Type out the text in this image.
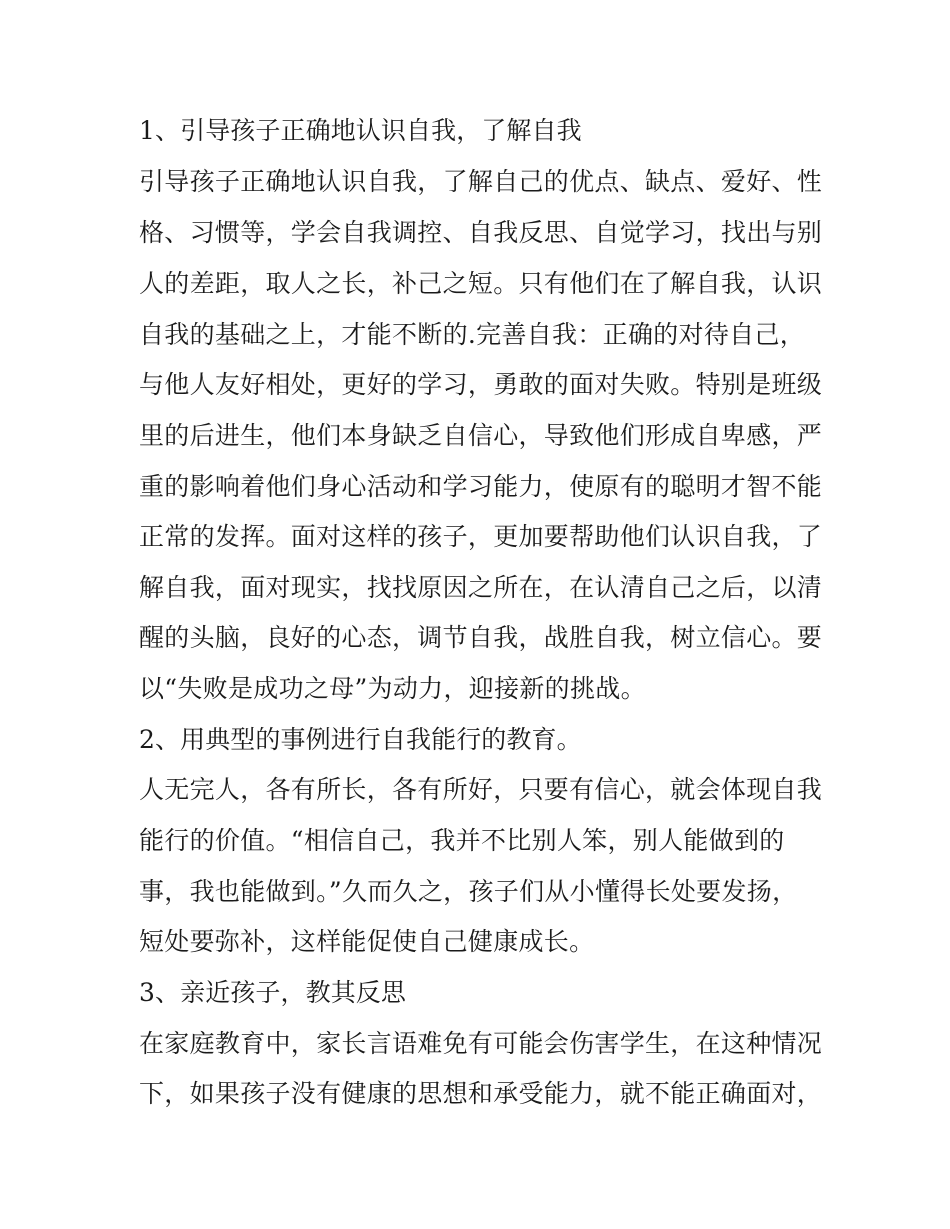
1、引导孩子正确地认识自我，了解自我
引导孩子正确地认识自我，了解自己的优点、缺点、爱好、性
格、习惯等，学会自我调控、自我反思、自觉学习，找出与别
人的差距，取人之长，补己之短。只有他们在了解自我，认识
自我的基础之上，才能不断的.完善自我：正确的对待自己，
与他人友好相处，更好的学习，勇敢的面对失败。特别是班级
里的后进生，他们本身缺乏自信心，导致他们形成自卑感，严
重的影响着他们身心活动和学习能力，使原有的聪明才智不能
正常的发挥。面对这样的孩子，更加要帮助他们认识自我，了
解自我，面对现实，找找原因之所在，在认清自己之后，以清
醒的头脑，良好的心态，调节自我，战胜自我，树立信心。要
以“失败是成功之母”为动力，迎接新的挑战。
2、用典型的事例进行自我能行的教育。
人无完人，各有所长，各有所好，只要有信心，就会体现自我
能行的价值。“相信自己，我并不比别人笨，别人能做到的
事，我也能做到。”久而久之，孩子们从小懂得长处要发扬，
短处要弥补，这样能促使自己健康成长。
3、亲近孩子，教其反思
在家庭教育中，家长言语难免有可能会伤害学生，在这种情况
下，如果孩子没有健康的思想和承受能力，就不能正确面对，
